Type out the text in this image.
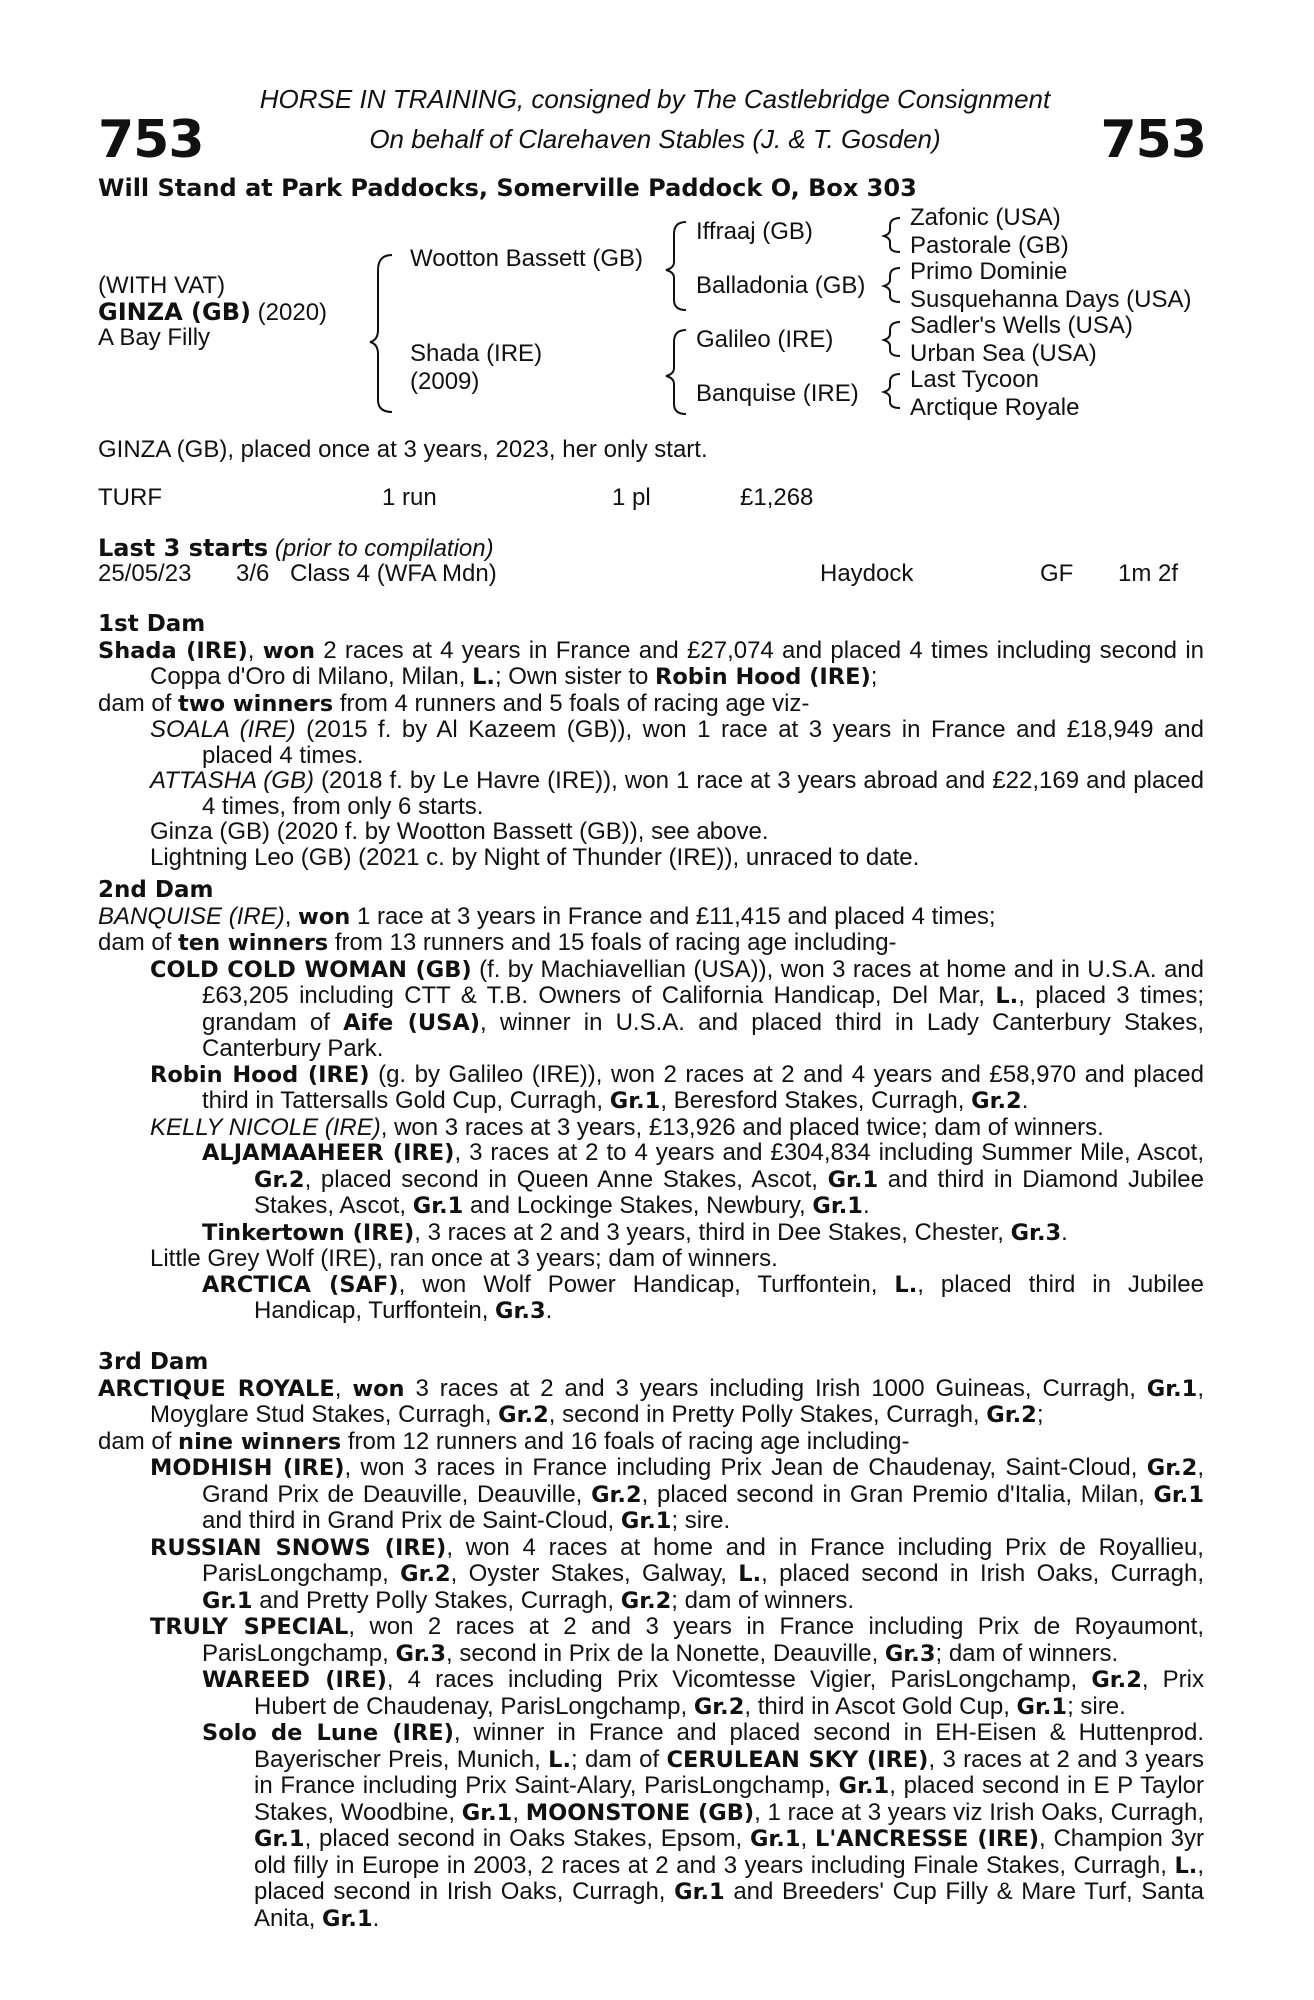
753	753
HORSE IN TRAINING, consigned by The Castlebridge Consignment
On behalf of Clarehaven Stables (J. & T. Gosden)
Will Stand at Park Paddocks, Somerville Paddock O, Box 303
(WITH VAT)
GINZA (GB) (2020)
A Bay Filly
Wootton Bassett (GB)
Shada (IRE)
(2009)
Iffraaj (GB)
Balladonia (GB)
Galileo (IRE)
Banquise (IRE)
Zafonic (USA)
Pastorale (GB)
Primo Dominie
Susquehanna Days (USA)
Sadler's Wells (USA)
Urban Sea (USA)
Last Tycoon
Arctique Royale
GINZA (GB), placed once at 3 years, 2023, her only start.
TURF	1 run	1 pl	£1,268
Last 3 starts (prior to compilation)
25/05/23 3/6 Class 4 (WFA Mdn)	Haydock	GF 1m 2f

1st Dam

Shada (IRE), won 2 races at 4 years in France and £27,074 and placed 4 times including second in Coppa d'Oro di Milano, Milan, L.; Own sister to Robin Hood (IRE);

dam of two winners from 4 runners and 5 foals of racing age viz-

SOALA (IRE) (2015 f. by Al Kazeem (GB)), won 1 race at 3 years in France and £18,949 and placed 4 times.

ATTASHA (GB) (2018 f. by Le Havre (IRE)), won 1 race at 3 years abroad and £22,169 and placed 4 times, from only 6 starts.

Ginza (GB) (2020 f. by Wootton Bassett (GB)), see above.

Lightning Leo (GB) (2021 c. by Night of Thunder (IRE)), unraced to date.

2nd Dam

BANQUISE (IRE), won 1 race at 3 years in France and £11,415 and placed 4 times;

dam of ten winners from 13 runners and 15 foals of racing age including-

COLD COLD WOMAN (GB) (f. by Machiavellian (USA)), won 3 races at home and in U.S.A. and £63,205 including CTT & T.B. Owners of California Handicap, Del Mar, L., placed 3 times; grandam of Aife (USA), winner in U.S.A. and placed third in Lady Canterbury Stakes, Canterbury Park.

Robin Hood (IRE) (g. by Galileo (IRE)), won 2 races at 2 and 4 years and £58,970 and placed third in Tattersalls Gold Cup, Curragh, Gr.1, Beresford Stakes, Curragh, Gr.2.

KELLY NICOLE (IRE), won 3 races at 3 years, £13,926 and placed twice; dam of winners.

ALJAMAAHEER (IRE), 3 races at 2 to 4 years and £304,834 including Summer Mile, Ascot, Gr.2, placed second in Queen Anne Stakes, Ascot, Gr.1 and third in Diamond Jubilee Stakes, Ascot, Gr.1 and Lockinge Stakes, Newbury, Gr.1.

Tinkertown (IRE), 3 races at 2 and 3 years, third in Dee Stakes, Chester, Gr.3.

Little Grey Wolf (IRE), ran once at 3 years; dam of winners.

ARCTICA (SAF), won Wolf Power Handicap, Turffontein, L., placed third in Jubilee Handicap, Turffontein, Gr.3.

3rd Dam

ARCTIQUE ROYALE, won 3 races at 2 and 3 years including Irish 1000 Guineas, Curragh, Gr.1, Moyglare Stud Stakes, Curragh, Gr.2, second in Pretty Polly Stakes, Curragh, Gr.2;

dam of nine winners from 12 runners and 16 foals of racing age including-

MODHISH (IRE), won 3 races in France including Prix Jean de Chaudenay, Saint-Cloud, Gr.2, Grand Prix de Deauville, Deauville, Gr.2, placed second in Gran Premio d'Italia, Milan, Gr.1 and third in Grand Prix de Saint-Cloud, Gr.1; sire.

RUSSIAN SNOWS (IRE), won 4 races at home and in France including Prix de Royallieu, ParisLongchamp, Gr.2, Oyster Stakes, Galway, L., placed second in Irish Oaks, Curragh, Gr.1 and Pretty Polly Stakes, Curragh, Gr.2; dam of winners.

TRULY SPECIAL, won 2 races at 2 and 3 years in France including Prix de Royaumont, ParisLongchamp, Gr.3, second in Prix de la Nonette, Deauville, Gr.3; dam of winners.

WAREED (IRE), 4 races including Prix Vicomtesse Vigier, ParisLongchamp, Gr.2, Prix Hubert de Chaudenay, ParisLongchamp, Gr.2, third in Ascot Gold Cup, Gr.1; sire.

Solo de Lune (IRE), winner in France and placed second in EH-Eisen & Huttenprod. Bayerischer Preis, Munich, L.; dam of CERULEAN SKY (IRE), 3 races at 2 and 3 years in France including Prix Saint-Alary, ParisLongchamp, Gr.1, placed second in E P Taylor Stakes, Woodbine, Gr.1, MOONSTONE (GB), 1 race at 3 years viz Irish Oaks, Curragh, Gr.1, placed second in Oaks Stakes, Epsom, Gr.1, L'ANCRESSE (IRE), Champion 3yr old filly in Europe in 2003, 2 races at 2 and 3 years including Finale Stakes, Curragh, L., placed second in Irish Oaks, Curragh, Gr.1 and Breeders' Cup Filly & Mare Turf, Santa Anita, Gr.1.
